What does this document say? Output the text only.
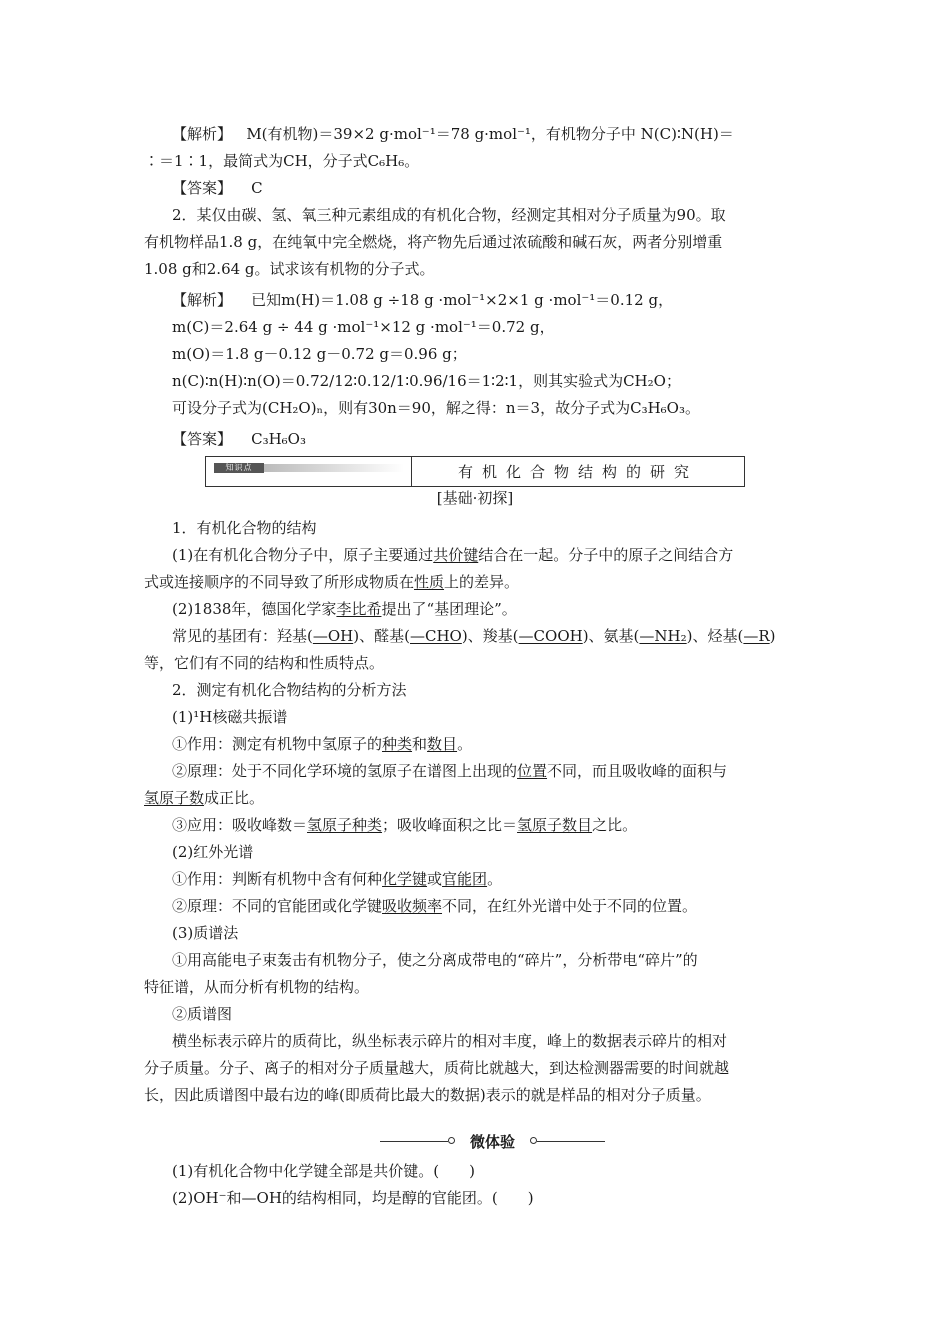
【解析】 M(有机物)＝39×2 g·mol⁻¹＝78 g·mol⁻¹，有机物分子中 N(C)∶N(H)＝
∶＝1∶1，最简式为CH，分子式C₆H₆。
【答案】 C
2．某仅由碳、氢、氧三种元素组成的有机化合物，经测定其相对分子质量为90。取
有机物样品1.8 g，在纯氧中完全燃烧，将产物先后通过浓硫酸和碱石灰，两者分别增重
1.08 g和2.64 g。试求该有机物的分子式。
【解析】 已知m(H)＝1.08 g ÷18 g ·mol⁻¹×2×1 g ·mol⁻¹＝0.12 g，
m(C)＝2.64 g ÷ 44 g ·mol⁻¹×12 g ·mol⁻¹＝0.72 g，
m(O)＝1.8 g－0.12 g－0.72 g＝0.96 g；
n(C)∶n(H)∶n(O)＝0.72/12∶0.12/1∶0.96/16＝1∶2∶1，则其实验式为CH₂O；
可设分子式为(CH₂O)ₙ，则有30n＝90，解之得：n＝3，故分子式为C₃H₆O₃。
【答案】 C₃H₆O₃
知识点	有机化合物结构的研究
[基础·初探]
1．有机化合物的结构
(1)在有机化合物分子中，原子主要通过共价键结合在一起。分子中的原子之间结合方
式或连接顺序的不同导致了所形成物质在性质上的差异。
(2)1838年，德国化学家李比希提出了“基团理论”。
常见的基团有：羟基(—OH)、醛基(—CHO)、羧基(—COOH)、氨基(—NH₂)、烃基(—R)
等，它们有不同的结构和性质特点。
2．测定有机化合物结构的分析方法
(1)¹H核磁共振谱
①作用：测定有机物中氢原子的种类和数目。
②原理：处于不同化学环境的氢原子在谱图上出现的位置不同，而且吸收峰的面积与
氢原子数成正比。
③应用：吸收峰数＝氢原子种类；吸收峰面积之比＝氢原子数目之比。
(2)红外光谱
①作用：判断有机物中含有何种化学键或官能团。
②原理：不同的官能团或化学键吸收频率不同，在红外光谱中处于不同的位置。
(3)质谱法
①用高能电子束轰击有机物分子，使之分离成带电的“碎片”，分析带电“碎片”的
特征谱，从而分析有机物的结构。
②质谱图
横坐标表示碎片的质荷比，纵坐标表示碎片的相对丰度，峰上的数据表示碎片的相对
分子质量。分子、离子的相对分子质量越大，质荷比就越大，到达检测器需要的时间就越
长，因此质谱图中最右边的峰(即质荷比最大的数据)表示的就是样品的相对分子质量。
微体验
(1)有机化合物中化学键全部是共价键。(　　)
(2)OH⁻和—OH的结构相同，均是醇的官能团。(　　)
